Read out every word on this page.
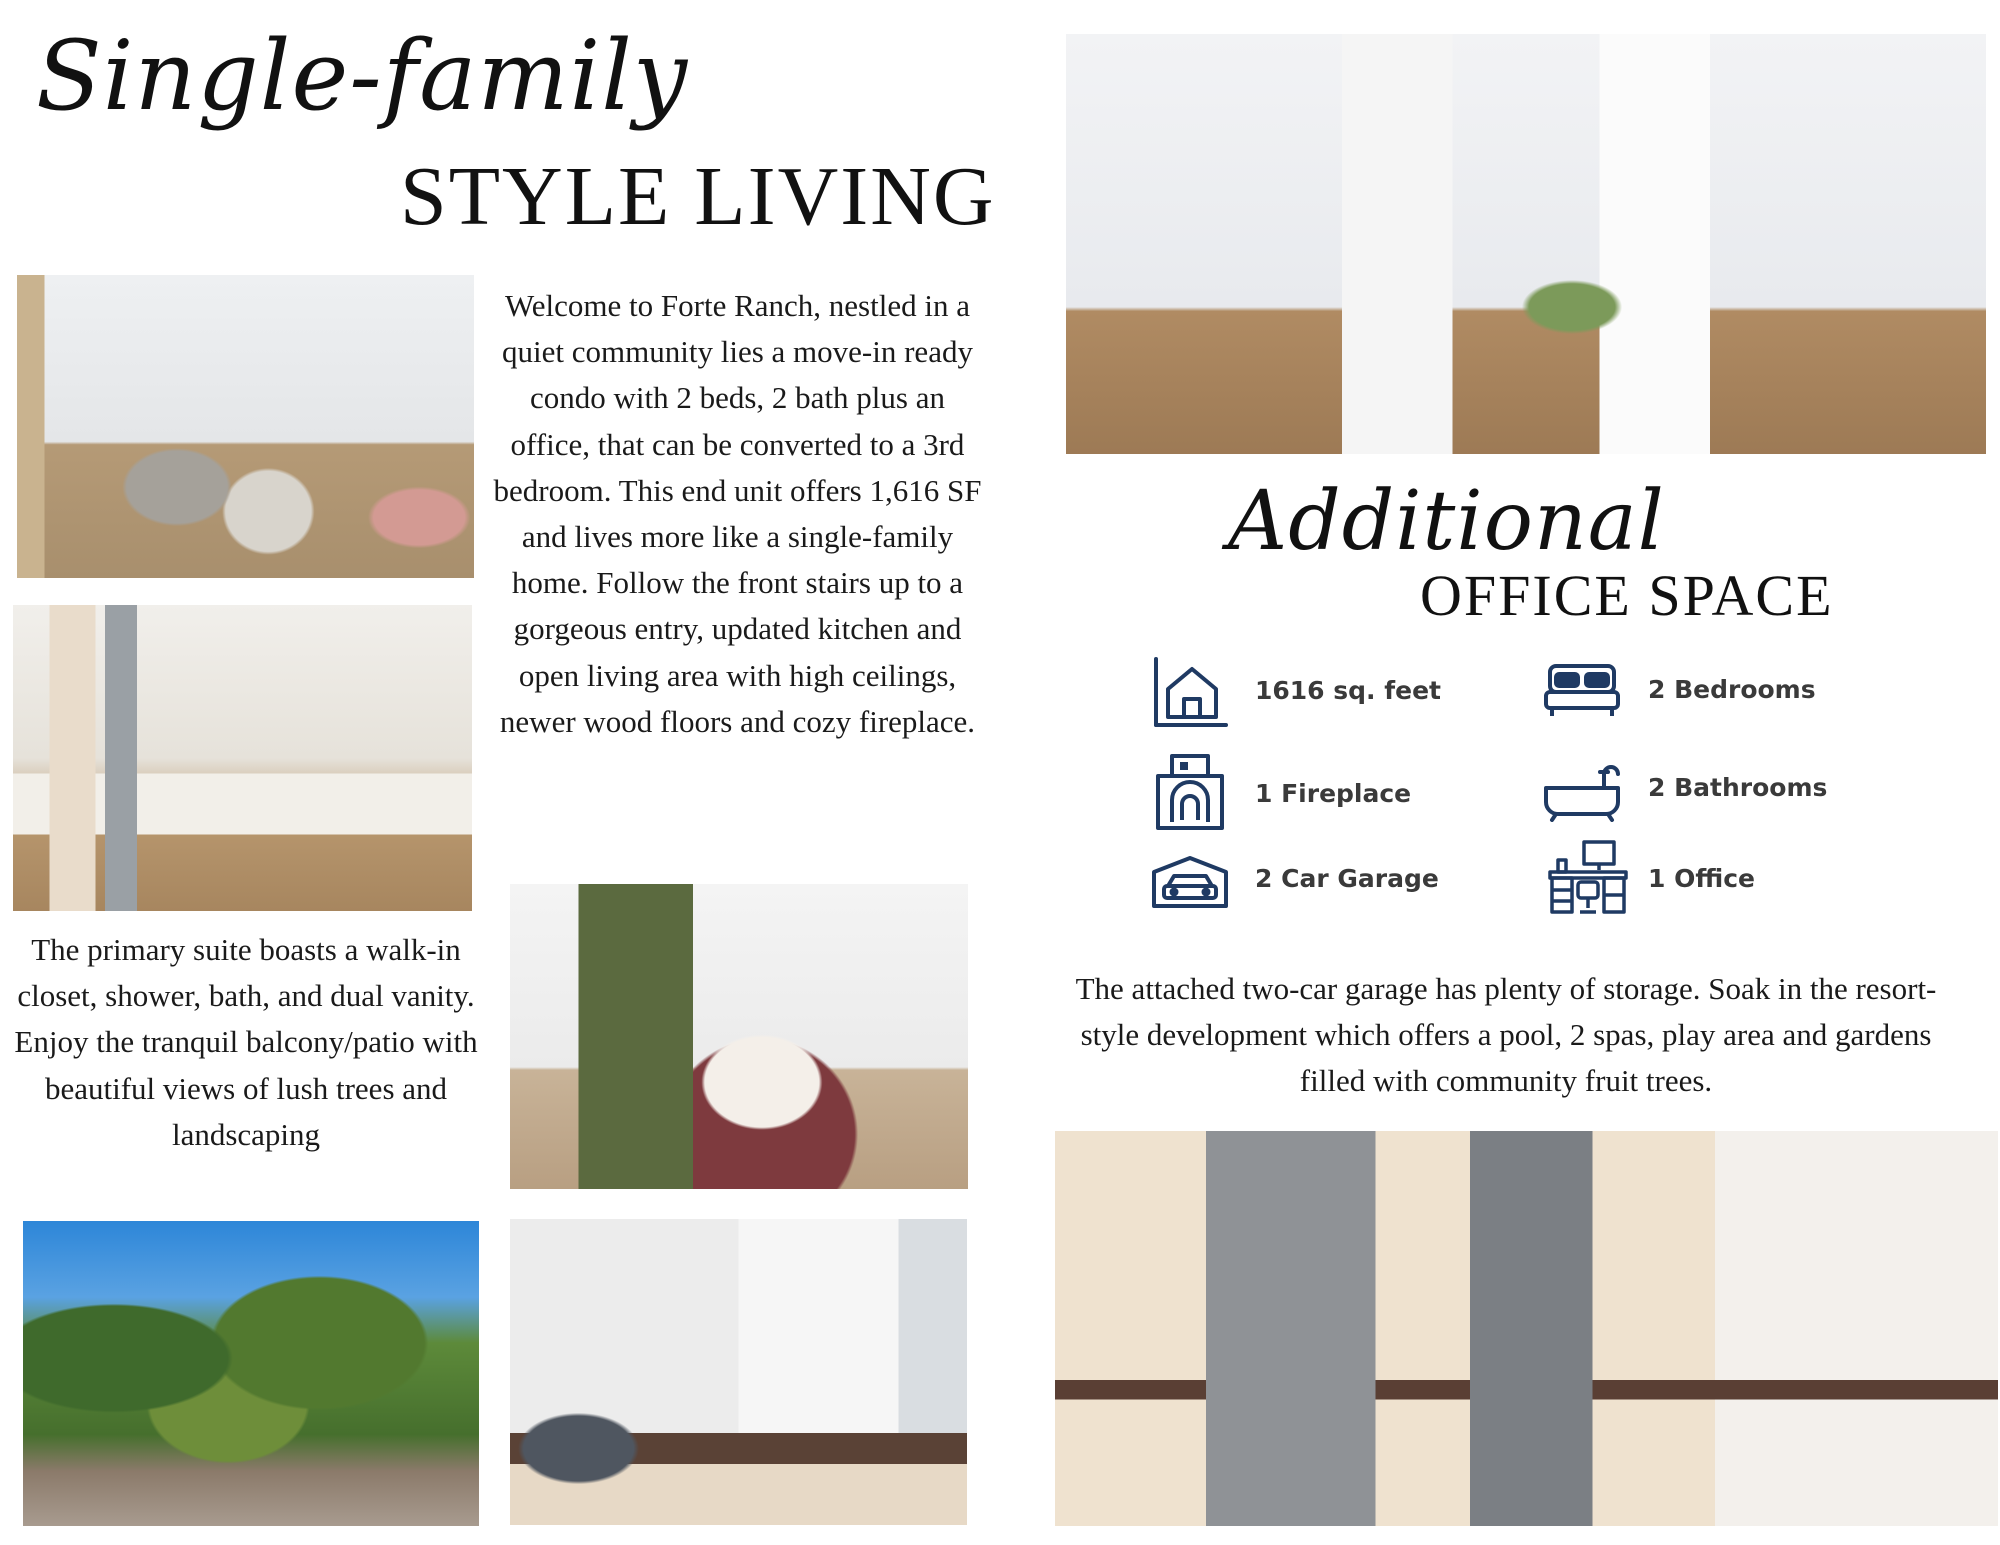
Single-family
STYLE LIVING
Welcome to Forte Ranch, nestled in a quiet community lies a move-in ready condo with 2 beds, 2 bath plus an office, that can be converted to a 3rd bedroom. This end unit offers 1,616 SF and lives more like a single-family home. Follow the front stairs up to a gorgeous entry, updated kitchen and open living area with high ceilings, newer wood floors and cozy fireplace.
The primary suite boasts a walk-in closet, shower, bath, and dual vanity. Enjoy the tranquil balcony/patio with beautiful views of lush trees and landscaping
Additional
OFFICE SPACE
1616 sq. feet	2 Bedrooms
1 Fireplace	2 Bathrooms
2 Car Garage	1 Office
The attached two-car garage has plenty of storage. Soak in the resort-style development which offers a pool, 2 spas, play area and gardens filled with community fruit trees.
